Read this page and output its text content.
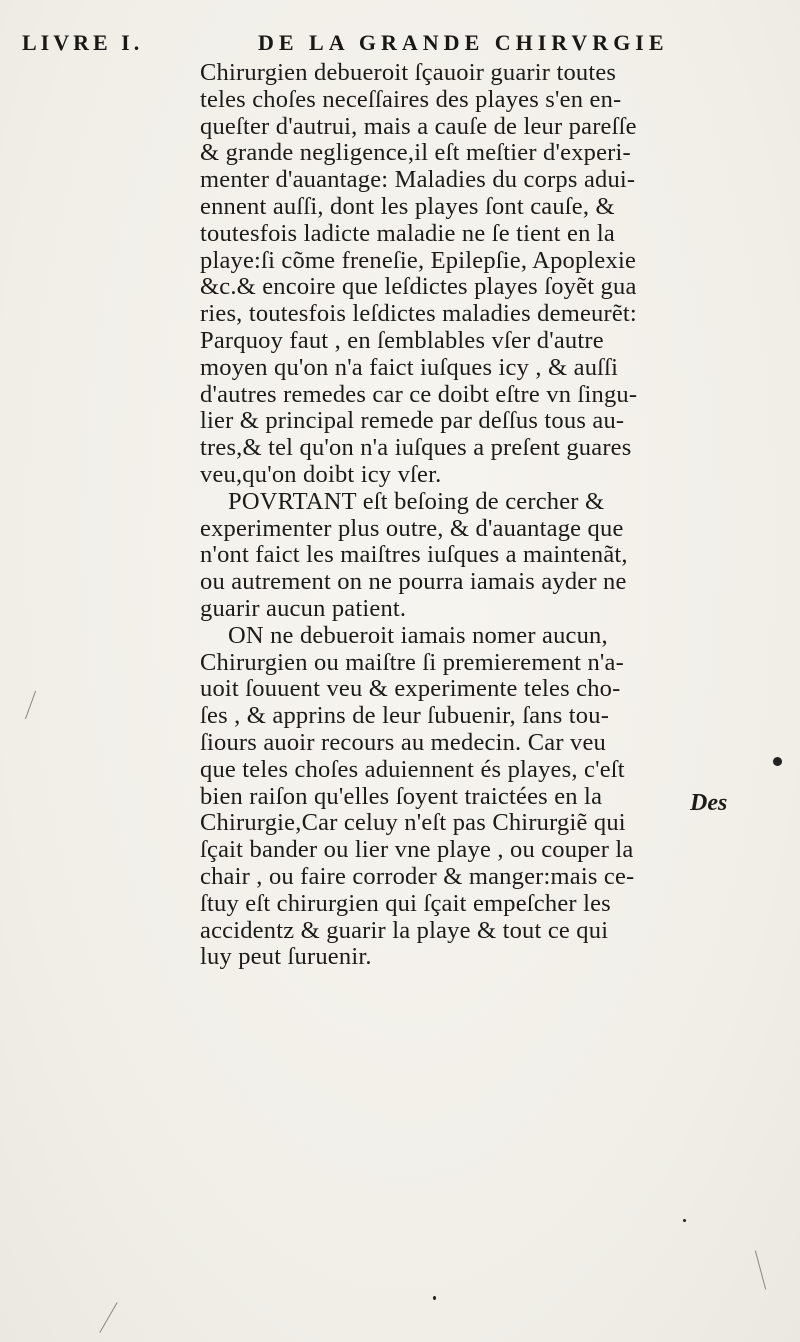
LIVRE I.	DE LA GRANDE CHIRVRGIE
Chirurgien debueroit ſçauoir guarir toutes
teles choſes neceſſaires des playes s'en en-
queſter d'autrui, mais a cauſe de leur pareſſe
& grande negligence,il eſt meſtier d'experi-
menter d'auantage: Maladies du corps adui-
ennent auſſi, dont les playes ſont cauſe, &
toutesfois ladicte maladie ne ſe tient en la
playe:ſi cõme freneſie, Epilepſie, Apoplexie
&c.& encoire que leſdictes playes ſoyẽt gua
ries, toutesfois leſdictes maladies demeurẽt:
Parquoy faut , en ſemblables vſer d'autre
moyen qu'on n'a faict iuſques icy , & auſſi
d'autres remedes car ce doibt eſtre vn ſingu-
lier & principal remede par deſſus tous au-
tres,& tel qu'on n'a iuſques a preſent guares
veu,qu'on doibt icy vſer.
POVRTANT eſt beſoing de cercher &
experimenter plus outre, & d'auantage que
n'ont faict les maiſtres iuſques a maintenãt,
ou autrement on ne pourra iamais ayder ne
guarir aucun patient.
ON ne debueroit iamais nomer aucun,
Chirurgien ou maiſtre ſi premierement n'a-
uoit ſouuent veu & experimente teles cho-
ſes , & apprins de leur ſubuenir, ſans tou-
ſiours auoir recours au medecin. Car veu
que teles choſes aduiennent és playes, c'eſt
bien raiſon qu'elles ſoyent traictées en la
Chirurgie,Car celuy n'eſt pas Chirurgiẽ qui
ſçait bander ou lier vne playe , ou couper la
chair , ou faire corroder & manger:mais ce-
ſtuy eſt chirurgien qui ſçait empeſcher les
accidentz & guarir la playe & tout ce qui
luy peut ſuruenir.
Des
